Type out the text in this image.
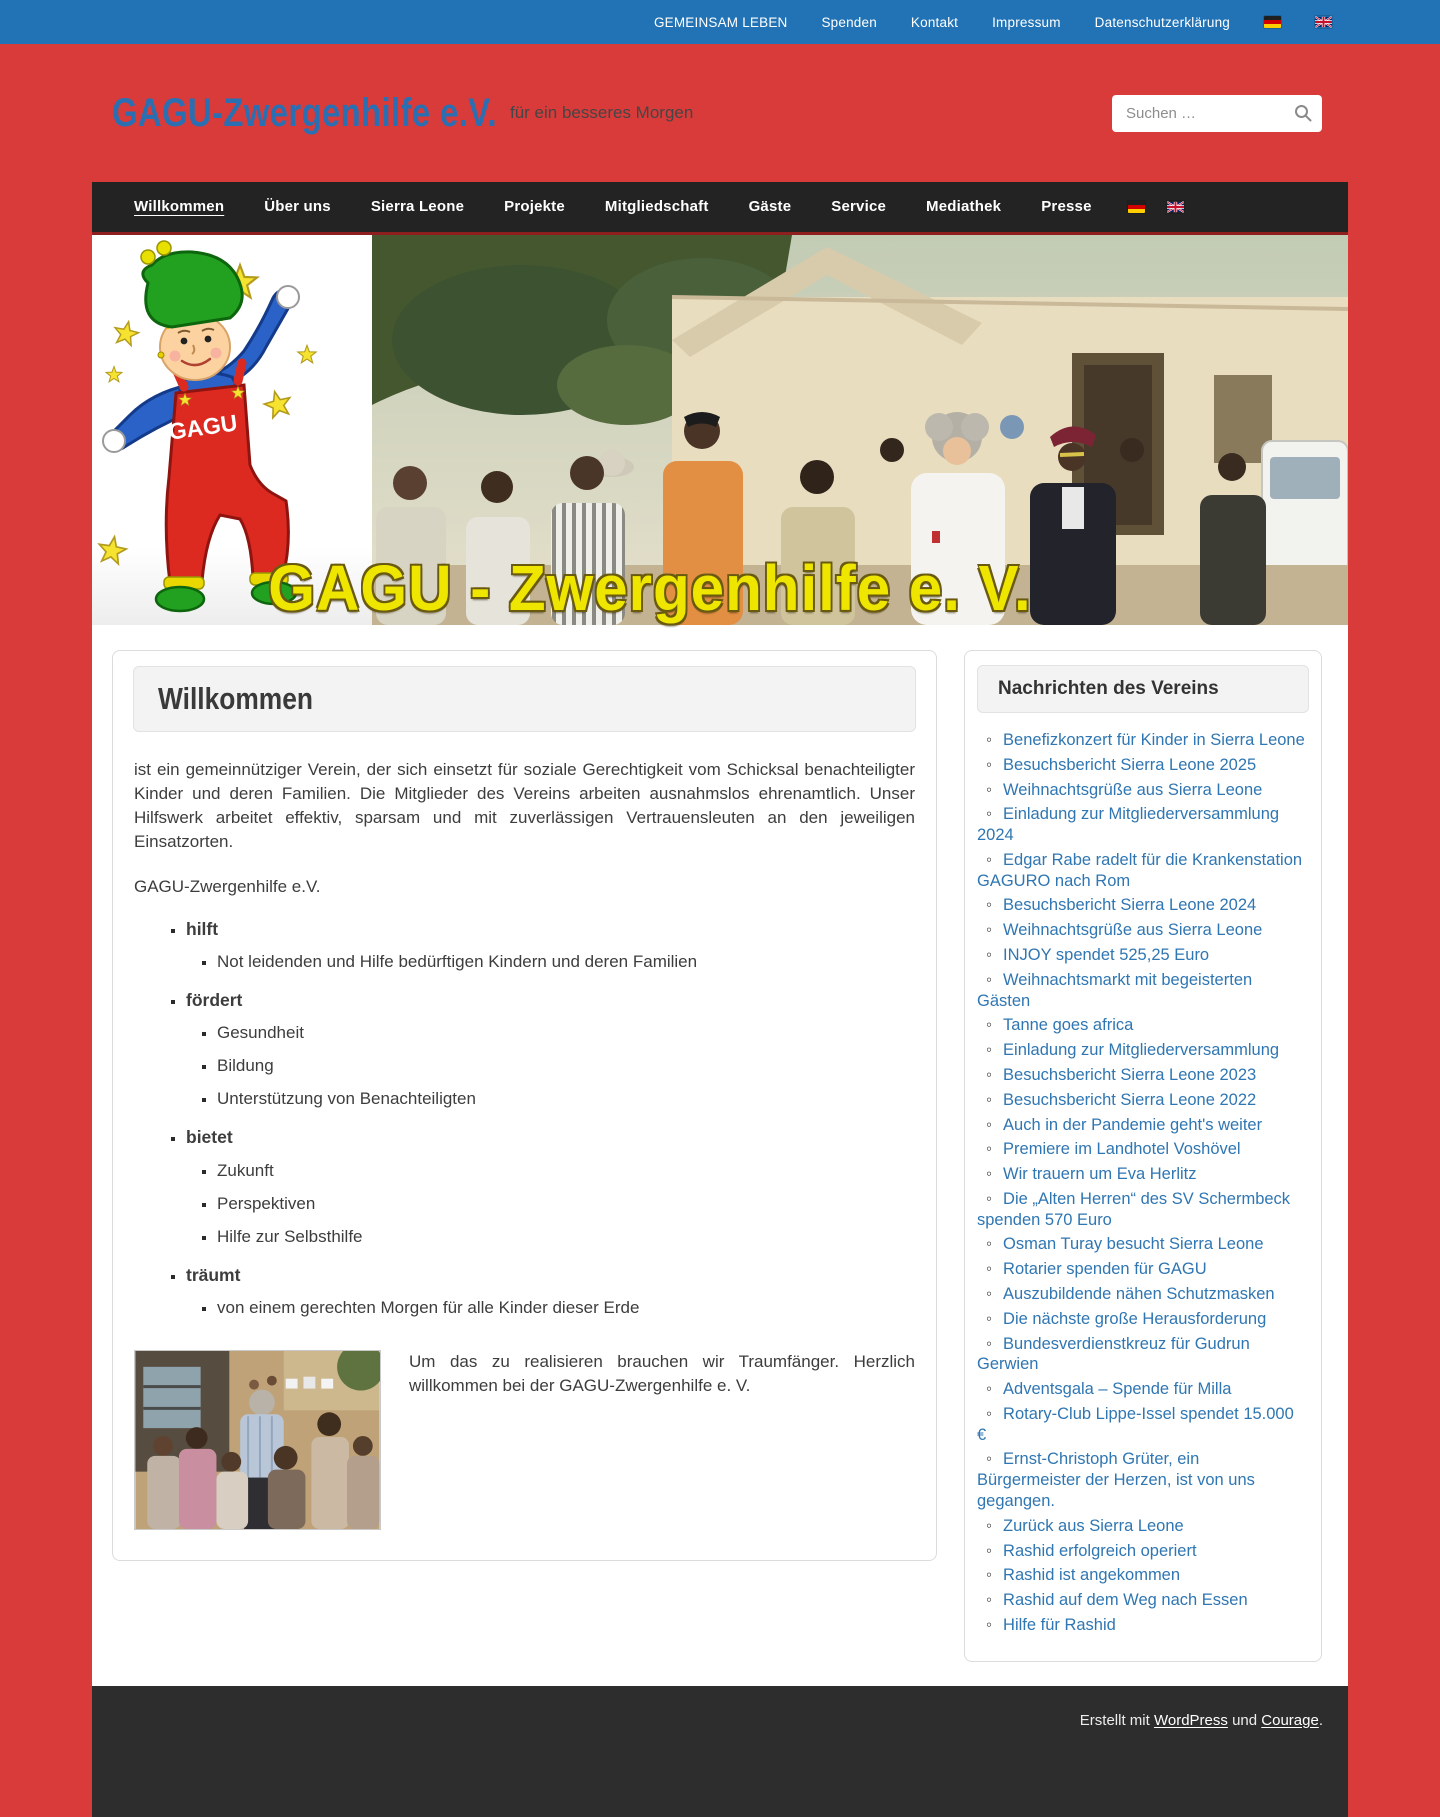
GEMEINSAM LEBEN	Spenden	Kontakt	Impressum	Datenschutzerklärung
GAGU-Zwergenhilfe e.V. für ein besseres Morgen
Suchen …
Willkommen	Über uns	Sierra Leone	Projekte	Mitgliedschaft	Gäste	Service	Mediathek	Presse
GAGU
GAGU - Zwergenhilfe e. V.
Willkommen

ist ein gemeinnütziger Verein, der sich einsetzt für soziale Gerechtigkeit vom Schicksal benachteiligter Kinder und deren Familien. Die Mitglieder des Vereins arbeiten ausnahmslos ehrenamtlich. Unser Hilfswerk arbeitet effektiv, sparsam und mit zuverlässigen Vertrauensleuten an den jeweiligen Einsatzorten.

GAGU-Zwergenhilfe e.V.

▪ hilft
▪ Not leidenden und Hilfe bedürftigen Kindern und deren Familien
▪ fördert
▪ Gesundheit
▪ Bildung
▪ Unterstützung von Benachteiligten
▪ bietet
▪ Zukunft
▪ Perspektiven
▪ Hilfe zur Selbsthilfe
▪ träumt
▪ von einem gerechten Morgen für alle Kinder dieser Erde

Um das zu realisieren brauchen wir Traumfänger. Herzlich willkommen bei der GAGU-Zwergenhilfe e. V.

Nachrichten des Vereins
◦ Benefizkonzert für Kinder in Sierra Leone
◦ Besuchsbericht Sierra Leone 2025
◦ Weihnachtsgrüße aus Sierra Leone
◦ Einladung zur Mitgliederversammlung 2024
◦ Edgar Rabe radelt für die Krankenstation GAGURO nach Rom
◦ Besuchsbericht Sierra Leone 2024
◦ Weihnachtsgrüße aus Sierra Leone
◦ INJOY spendet 525,25 Euro
◦ Weihnachtsmarkt mit begeisterten Gästen
◦ Tanne goes africa
◦ Einladung zur Mitgliederversammlung
◦ Besuchsbericht Sierra Leone 2023
◦ Besuchsbericht Sierra Leone 2022
◦ Auch in der Pandemie geht's weiter
◦ Premiere im Landhotel Voshövel
◦ Wir trauern um Eva Herlitz
◦ Die „Alten Herren“ des SV Schermbeck spenden 570 Euro
◦ Osman Turay besucht Sierra Leone
◦ Rotarier spenden für GAGU
◦ Auszubildende nähen Schutzmasken
◦ Die nächste große Herausforderung
◦ Bundesverdienstkreuz für Gudrun Gerwien
◦ Adventsgala – Spende für Milla
◦ Rotary-Club Lippe-Issel spendet 15.000 €
◦ Ernst-Christoph Grüter, ein Bürgermeister der Herzen, ist von uns gegangen.
◦ Zurück aus Sierra Leone
◦ Rashid erfolgreich operiert
◦ Rashid ist angekommen
◦ Rashid auf dem Weg nach Essen
◦ Hilfe für Rashid

Erstellt mit WordPress und Courage.
